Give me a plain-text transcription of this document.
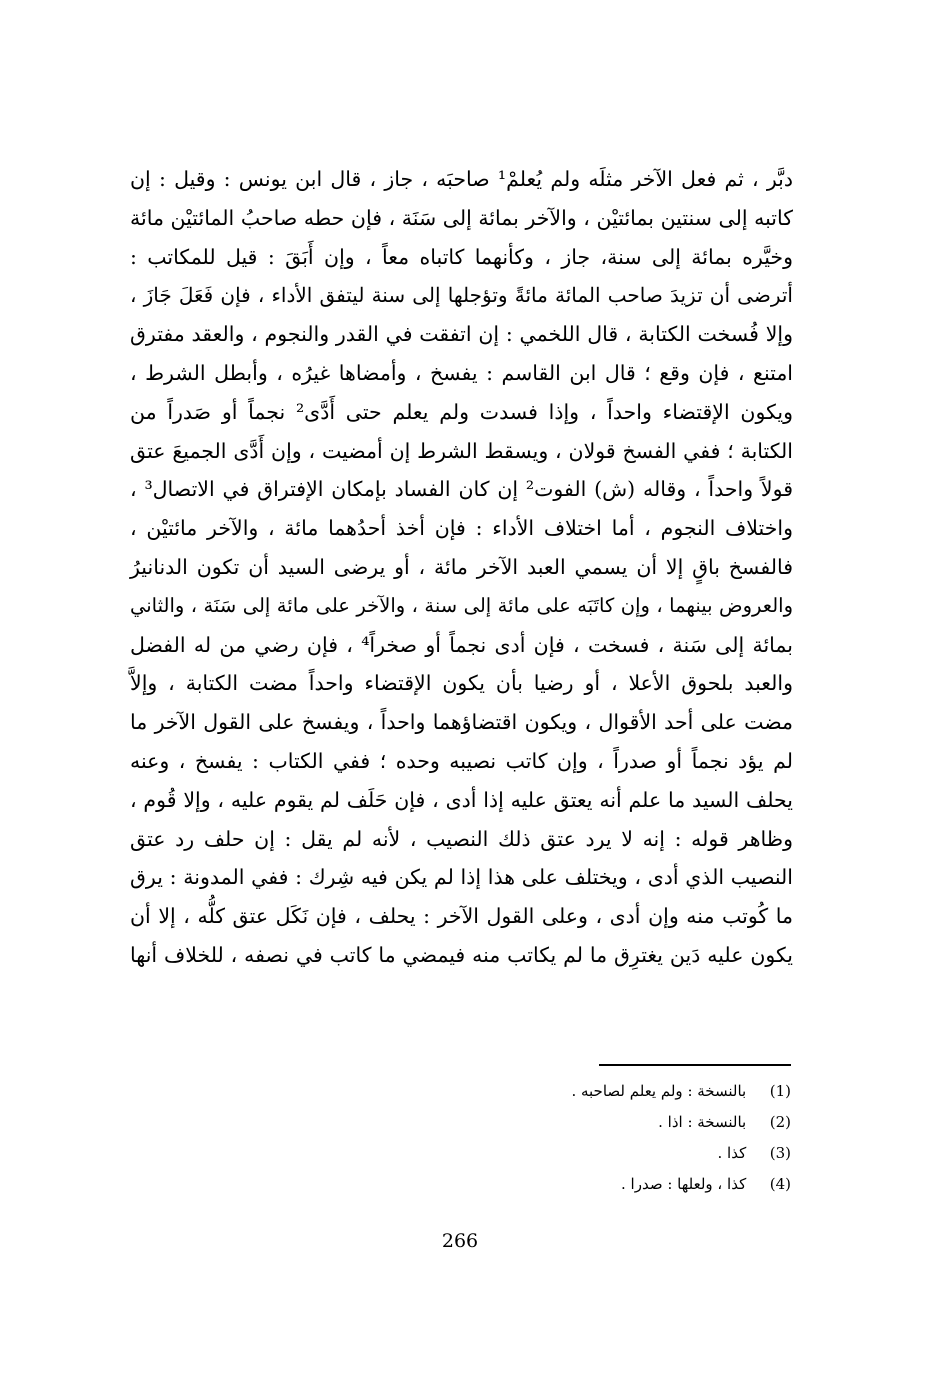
دبَّر ، ثم فعل الآخر مثلَه ولم يُعلمْ¹ صاحبَه ، جاز ، قال ابن يونس : وقيل : إن
كاتبه إلى سنتين بمائتيْن ، والآخر بمائة إلى سَنَة ، فإن حطه صاحبُ المائتيْن مائة
وخيَّره بمائة إلى سنة، جاز ، وكأنهما كاتباه معاً ، وإن أَبَقَ : قيل للمكاتب :
أترضى أن تزيدَ صاحب المائة مائةً وتؤجلها إلى سنة ليتفق الأداء ، فإن فَعَلَ جَازَ ،
وإلا فُسخت الكتابة ، قال اللخمي : إن اتفقت في القدر والنجوم ، والعقد مفترق
امتنع ، فإن وقع ؛ قال ابن القاسم : يفسخ ، وأمضاها غيرُه ، وأبطل الشرط ،
ويكون الإقتضاء واحداً ، وإذا فسدت ولم يعلم حتى أَدَّى² نجماً أو صَدراً من
الكتابة ؛ ففي الفسخ قولان ، ويسقط الشرط إن أمضيت ، وإن أَدَّى الجميعَ عتق
قولاً واحداً ، وقاله (ش) الفوت² إن كان الفساد بإمكان الإفتراق في الاتصال³ ،
واختلاف النجوم ، أما اختلاف الأداء : فإن أخذ أحدُهما مائة ، والآخر مائتيْن ،
فالفسخ باقٍ إلا أن يسمي العبد الآخر مائة ، أو يرضى السيد أن تكون الدنانيرُ
والعروض بينهما ، وإن كاتَبَه على مائة إلى سنة ، والآخر على مائة إلى سَنَة ، والثاني
بمائة إلى سَنة ، فسخت ، فإن أدى نجماً أو صخراً⁴ ، فإن رضي من له الفضل
والعبد بلحوق الأعلا ، أو رضيا بأن يكون الإقتضاء واحداً مضت الكتابة ، وإلاَّ
مضت على أحد الأقوال ، ويكون اقتضاؤهما واحداً ، ويفسخ على القول الآخر ما
لم يؤد نجماً أو صدراً ، وإن كاتب نصيبه وحده ؛ ففي الكتاب : يفسخ ، وعنه
يحلف السيد ما علم أنه يعتق عليه إذا أدى ، فإن حَلَف لم يقوم عليه ، وإلا قُوم ،
وظاهر قوله : إنه لا يرد عتق ذلك النصيب ، لأنه لم يقل : إن حلف رد عتق
النصيب الذي أدى ، ويختلف على هذا إذا لم يكن فيه شِرك : ففي المدونة : يرق
ما كُوتب منه وإن أدى ، وعلى القول الآخر : يحلف ، فإن نَكَل عتق كلُّه ، إلا أن
يكون عليه دَين يغترِق ما لم يكاتب منه فيمضي ما كاتب في نصفه ، للخلاف أنها
(1) بالنسخة : ولم يعلم لصاحبه .
(2) بالنسخة : اذا .
(3) كذا .
(4) كذا ، ولعلها : صدرا .
266
